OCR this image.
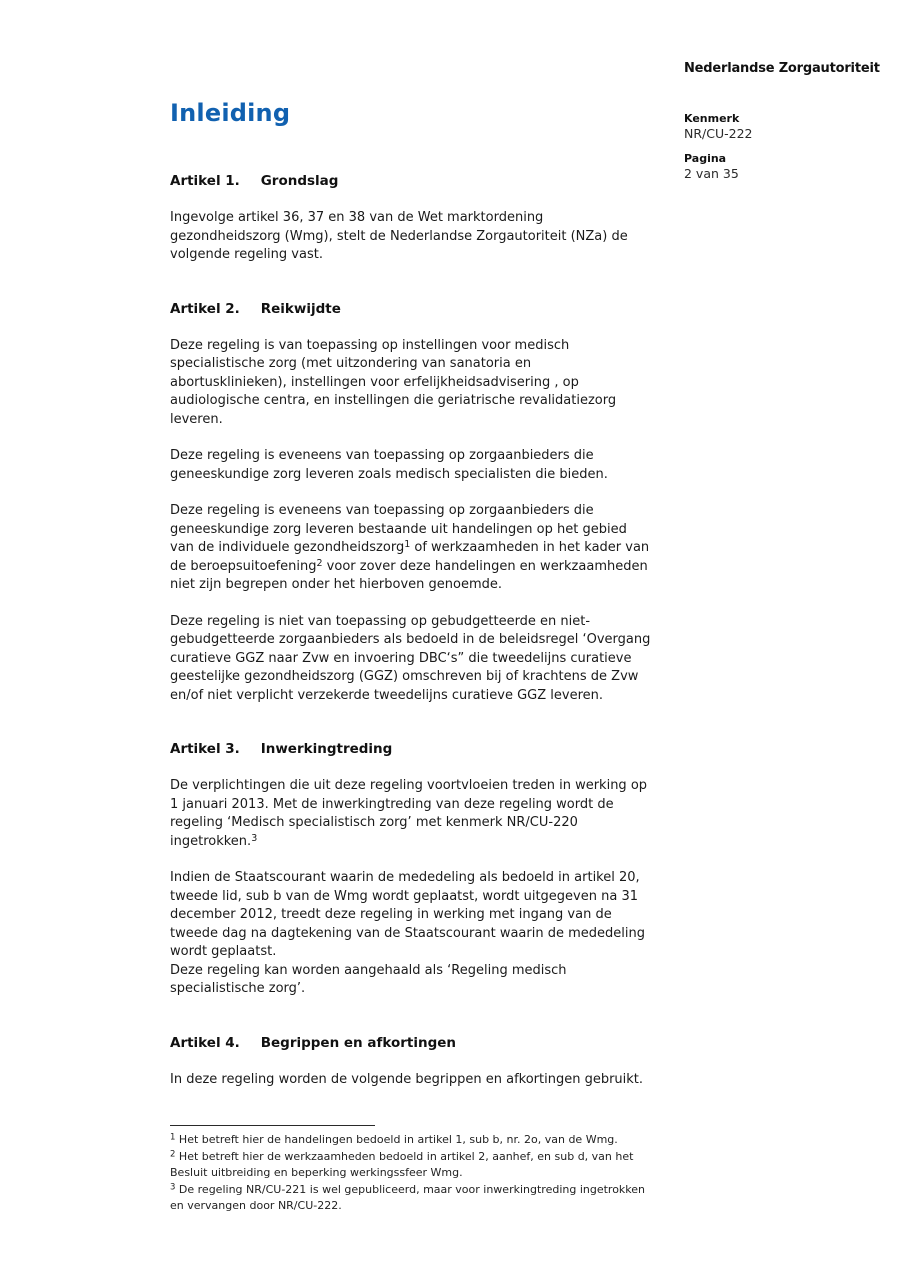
Nederlandse Zorgautoriteit
Kenmerk
NR/CU-222
Pagina
2 van 35
Inleiding
Artikel 1. Grondslag

Ingevolge artikel 36, 37 en 38 van de Wet marktordening
gezondheidszorg (Wmg), stelt de Nederlandse Zorgautoriteit (NZa) de
volgende regeling vast.

Artikel 2. Reikwijdte

Deze regeling is van toepassing op instellingen voor medisch
specialistische zorg (met uitzondering van sanatoria en
abortusklinieken), instellingen voor erfelijkheidsadvisering , op
audiologische centra, en instellingen die geriatrische revalidatiezorg
leveren.

Deze regeling is eveneens van toepassing op zorgaanbieders die
geneeskundige zorg leveren zoals medisch specialisten die bieden.

Deze regeling is eveneens van toepassing op zorgaanbieders die
geneeskundige zorg leveren bestaande uit handelingen op het gebied
van de individuele gezondheidszorg$^1$ of werkzaamheden in het kader van
de beroepsuitoefening$^2$ voor zover deze handelingen en werkzaamheden
niet zijn begrepen onder het hierboven genoemde.

Deze regeling is niet van toepassing op gebudgetteerde en niet-
gebudgetteerde zorgaanbieders als bedoeld in de beleidsregel ‘Overgang
curatieve GGZ naar Zvw en invoering DBC‘s” die tweedelijns curatieve
geestelijke gezondheidszorg (GGZ) omschreven bij of krachtens de Zvw
en/of niet verplicht verzekerde tweedelijns curatieve GGZ leveren.

Artikel 3. Inwerkingtreding

De verplichtingen die uit deze regeling voortvloeien treden in werking op
1 januari 2013. Met de inwerkingtreding van deze regeling wordt de
regeling ‘Medisch specialistisch zorg’ met kenmerk NR/CU-220
ingetrokken.$^3$

Indien de Staatscourant waarin de mededeling als bedoeld in artikel 20,
tweede lid, sub b van de Wmg wordt geplaatst, wordt uitgegeven na 31
december 2012, treedt deze regeling in werking met ingang van de
tweede dag na dagtekening van de Staatscourant waarin de mededeling
wordt geplaatst.
Deze regeling kan worden aangehaald als ‘Regeling medisch
specialistische zorg’.

Artikel 4. Begrippen en afkortingen

In deze regeling worden de volgende begrippen en afkortingen gebruikt.

$^1$ Het betreft hier de handelingen bedoeld in artikel 1, sub b, nr. 2o, van de Wmg.

$^2$ Het betreft hier de werkzaamheden bedoeld in artikel 2, aanhef, en sub d, van het
Besluit uitbreiding en beperking werkingssfeer Wmg.

$^3$ De regeling NR/CU-221 is wel gepubliceerd, maar voor inwerkingtreding ingetrokken
en vervangen door NR/CU-222.
